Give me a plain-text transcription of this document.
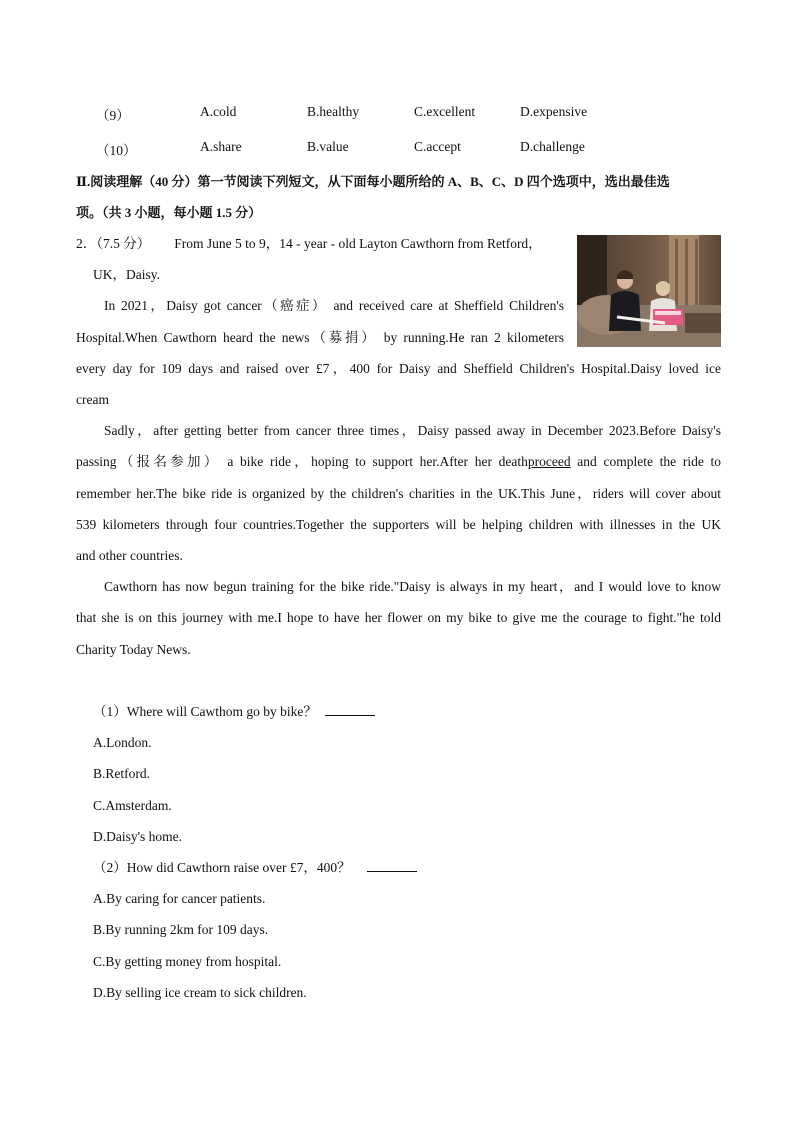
（9）	A.cold	B.healthy	C.excellent	D.expensive
（10）	A.share	B.value	C.accept	D.challenge
Ⅱ.阅读理解（40 分）第一节阅读下列短文，从下面每小题所给的 A、B、C、D 四个选项中，选出最佳选
项。（共 3 小题，每小题 1.5 分）
2．（7.5 分） From June 5 to 9，14 - year - old Layton Cawthorn from Retford，
UK，Daisy.
In 2021，Daisy got cancer（癌症） and received care at Sheffield Children's
Hospital.When Cawthorn heard the news（募捐） by running.He ran 2 kilometers
every day for 109 days and raised over £7，400 for Daisy and Sheffield Children's Hospital.Daisy loved ice
cream
Sadly，after getting better from cancer three times，Daisy passed away in December 2023.Before Daisy's
passing（报名参加） a bike ride，hoping to support her.After her deathproceed and complete the ride to
remember her.The bike ride is organized by the children's charities in the UK.This June，riders will cover about
539 kilometers through four countries.Together the supporters will be helping children with illnesses in the UK
and other countries.
Cawthorn has now begun training for the bike ride."Daisy is always in my heart，and I would love to know
that she is on this journey with me.I hope to have her flower on my bike to give me the courage to fight."he told
Charity Today News.
（1）Where will Cawthom go by bike？
A.London.
B.Retford.
C.Amsterdam.
D.Daisy's home.
（2）How did Cawthorn raise over £7，400？
A.By caring for cancer patients.
B.By running 2km for 109 days.
C.By getting money from hospital.
D.By selling ice cream to sick children.
